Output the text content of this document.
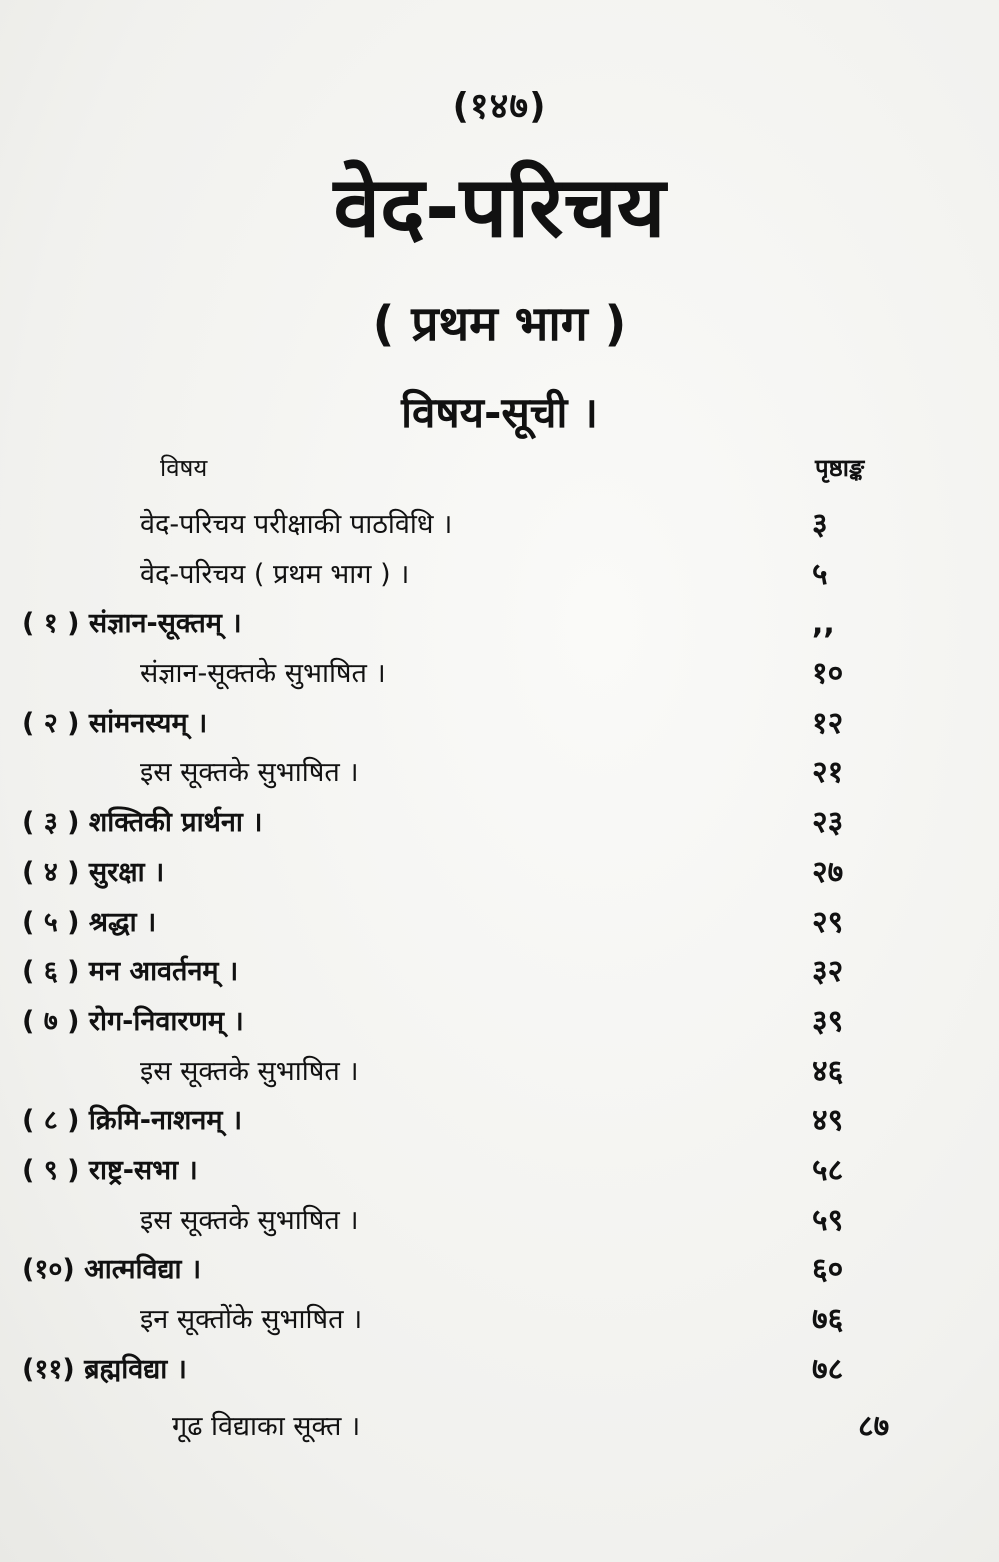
(१४७)
वेद-परिचय
( प्रथम भाग )
विषय-सूची ।
विषय	पृष्ठाङ्क
वेद-परिचय परीक्षाकी पाठविधि ।	३
वेद-परिचय ( प्रथम भाग ) ।	५
( १ ) संज्ञान-सूक्तम् ।	,,
संज्ञान-सूक्तके सुभाषित ।	१०
( २ ) सांमनस्यम् ।	१२
इस सूक्तके सुभाषित ।	२१
( ३ ) शक्तिकी प्रार्थना ।	२३
( ४ ) सुरक्षा ।	२७
( ५ ) श्रद्धा ।	२९
( ६ ) मन आवर्तनम् ।	३२
( ७ ) रोग-निवारणम् ।	३९
इस सूक्तके सुभाषित ।	४६
( ८ ) क्रिमि-नाशनम् ।	४९
( ९ ) राष्ट्र-सभा ।	५८
इस सूक्तके सुभाषित ।	५९
(१०) आत्मविद्या ।	६०
इन सूक्तोंके सुभाषित ।	७६
(११) ब्रह्मविद्या ।	७८
गूढ विद्याका सूक्त ।	८७
